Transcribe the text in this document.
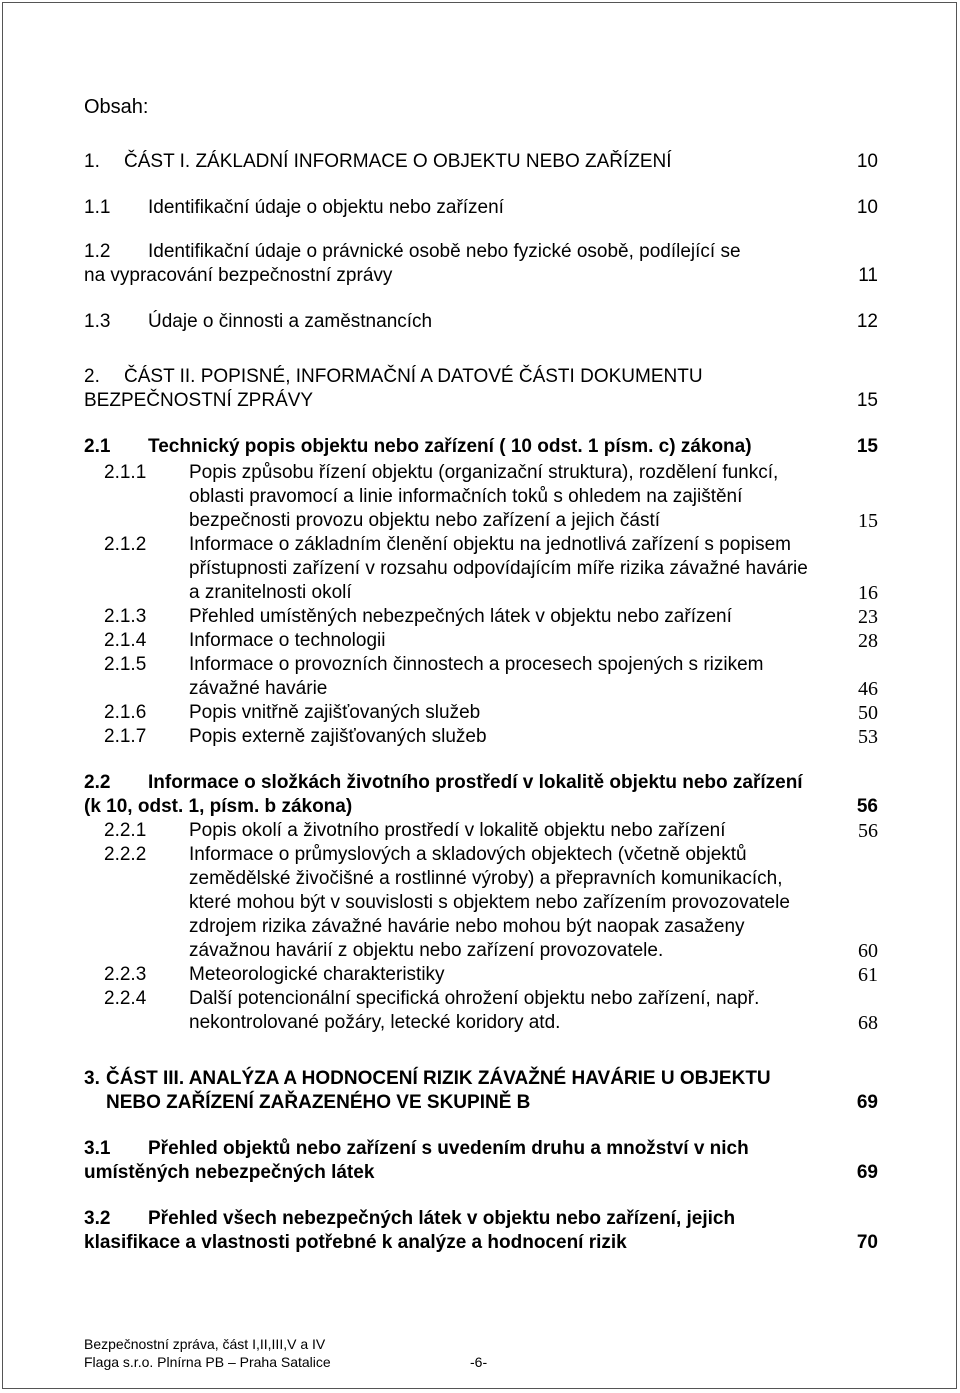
Obsah:
1. ČÁST I. ZÁKLADNÍ INFORMACE O OBJEKTU NEBO ZAŘÍZENÍ	10
1.1 Identifikační údaje o objektu nebo zařízení	10
1.2 Identifikační údaje o právnické osobě nebo fyzické osobě, podílející se
na vypracování bezpečnostní zprávy	11
1.3 Údaje o činnosti a zaměstnancích	12
2. ČÁST II. POPISNÉ, INFORMAČNÍ A DATOVÉ ČÁSTI DOKUMENTU
BEZPEČNOSTNÍ ZPRÁVY	15
2.1 Technický popis objektu nebo zařízení ( 10 odst. 1 písm. c) zákona)	15
2.1.1 Popis způsobu řízení objektu (organizační struktura), rozdělení funkcí,
oblasti pravomocí a linie informačních toků s ohledem na zajištění
bezpečnosti provozu objektu nebo zařízení a jejich částí	15
2.1.2 Informace o základním členění objektu na jednotlivá zařízení s popisem
přístupnosti zařízení v rozsahu odpovídajícím míře rizika závažné havárie
a zranitelnosti okolí	16
2.1.3 Přehled umístěných nebezpečných látek v objektu nebo zařízení	23
2.1.4 Informace o technologii	28
2.1.5 Informace o provozních činnostech a procesech spojených s rizikem
závažné havárie	46
2.1.6 Popis vnitřně zajišťovaných služeb	50
2.1.7 Popis externě zajišťovaných služeb	53
2.2 Informace o složkách životního prostředí v lokalitě objektu nebo zařízení
(k 10, odst. 1, písm. b zákona)	56
2.2.1 Popis okolí a životního prostředí v lokalitě objektu nebo zařízení	56
2.2.2 Informace o průmyslových a skladových objektech (včetně objektů
zemědělské živočišné a rostlinné výroby) a přepravních komunikacích,
které mohou být v souvislosti s objektem nebo zařízením provozovatele
zdrojem rizika závažné havárie nebo mohou být naopak zasaženy
závažnou havárií z objektu nebo zařízení provozovatele.	60
2.2.3 Meteorologické charakteristiky	61
2.2.4 Další potencionální specifická ohrožení objektu nebo zařízení, např.
nekontrolované požáry, letecké koridory atd.	68
3. ČÁST III. ANALÝZA A HODNOCENÍ RIZIK ZÁVAŽNÉ HAVÁRIE U OBJEKTU
NEBO ZAŘÍZENÍ ZAŘAZENÉHO VE SKUPINĚ B	69
3.1 Přehled objektů nebo zařízení s uvedením druhu a množství v nich
umístěných nebezpečných látek	69
3.2 Přehled všech nebezpečných látek v objektu nebo zařízení, jejich
klasifikace a vlastnosti potřebné k analýze a hodnocení rizik	70
Bezpečnostní zpráva, část I,II,III,V a IV
Flaga s.r.o. Plnírna PB – Praha Satalice	-6-
